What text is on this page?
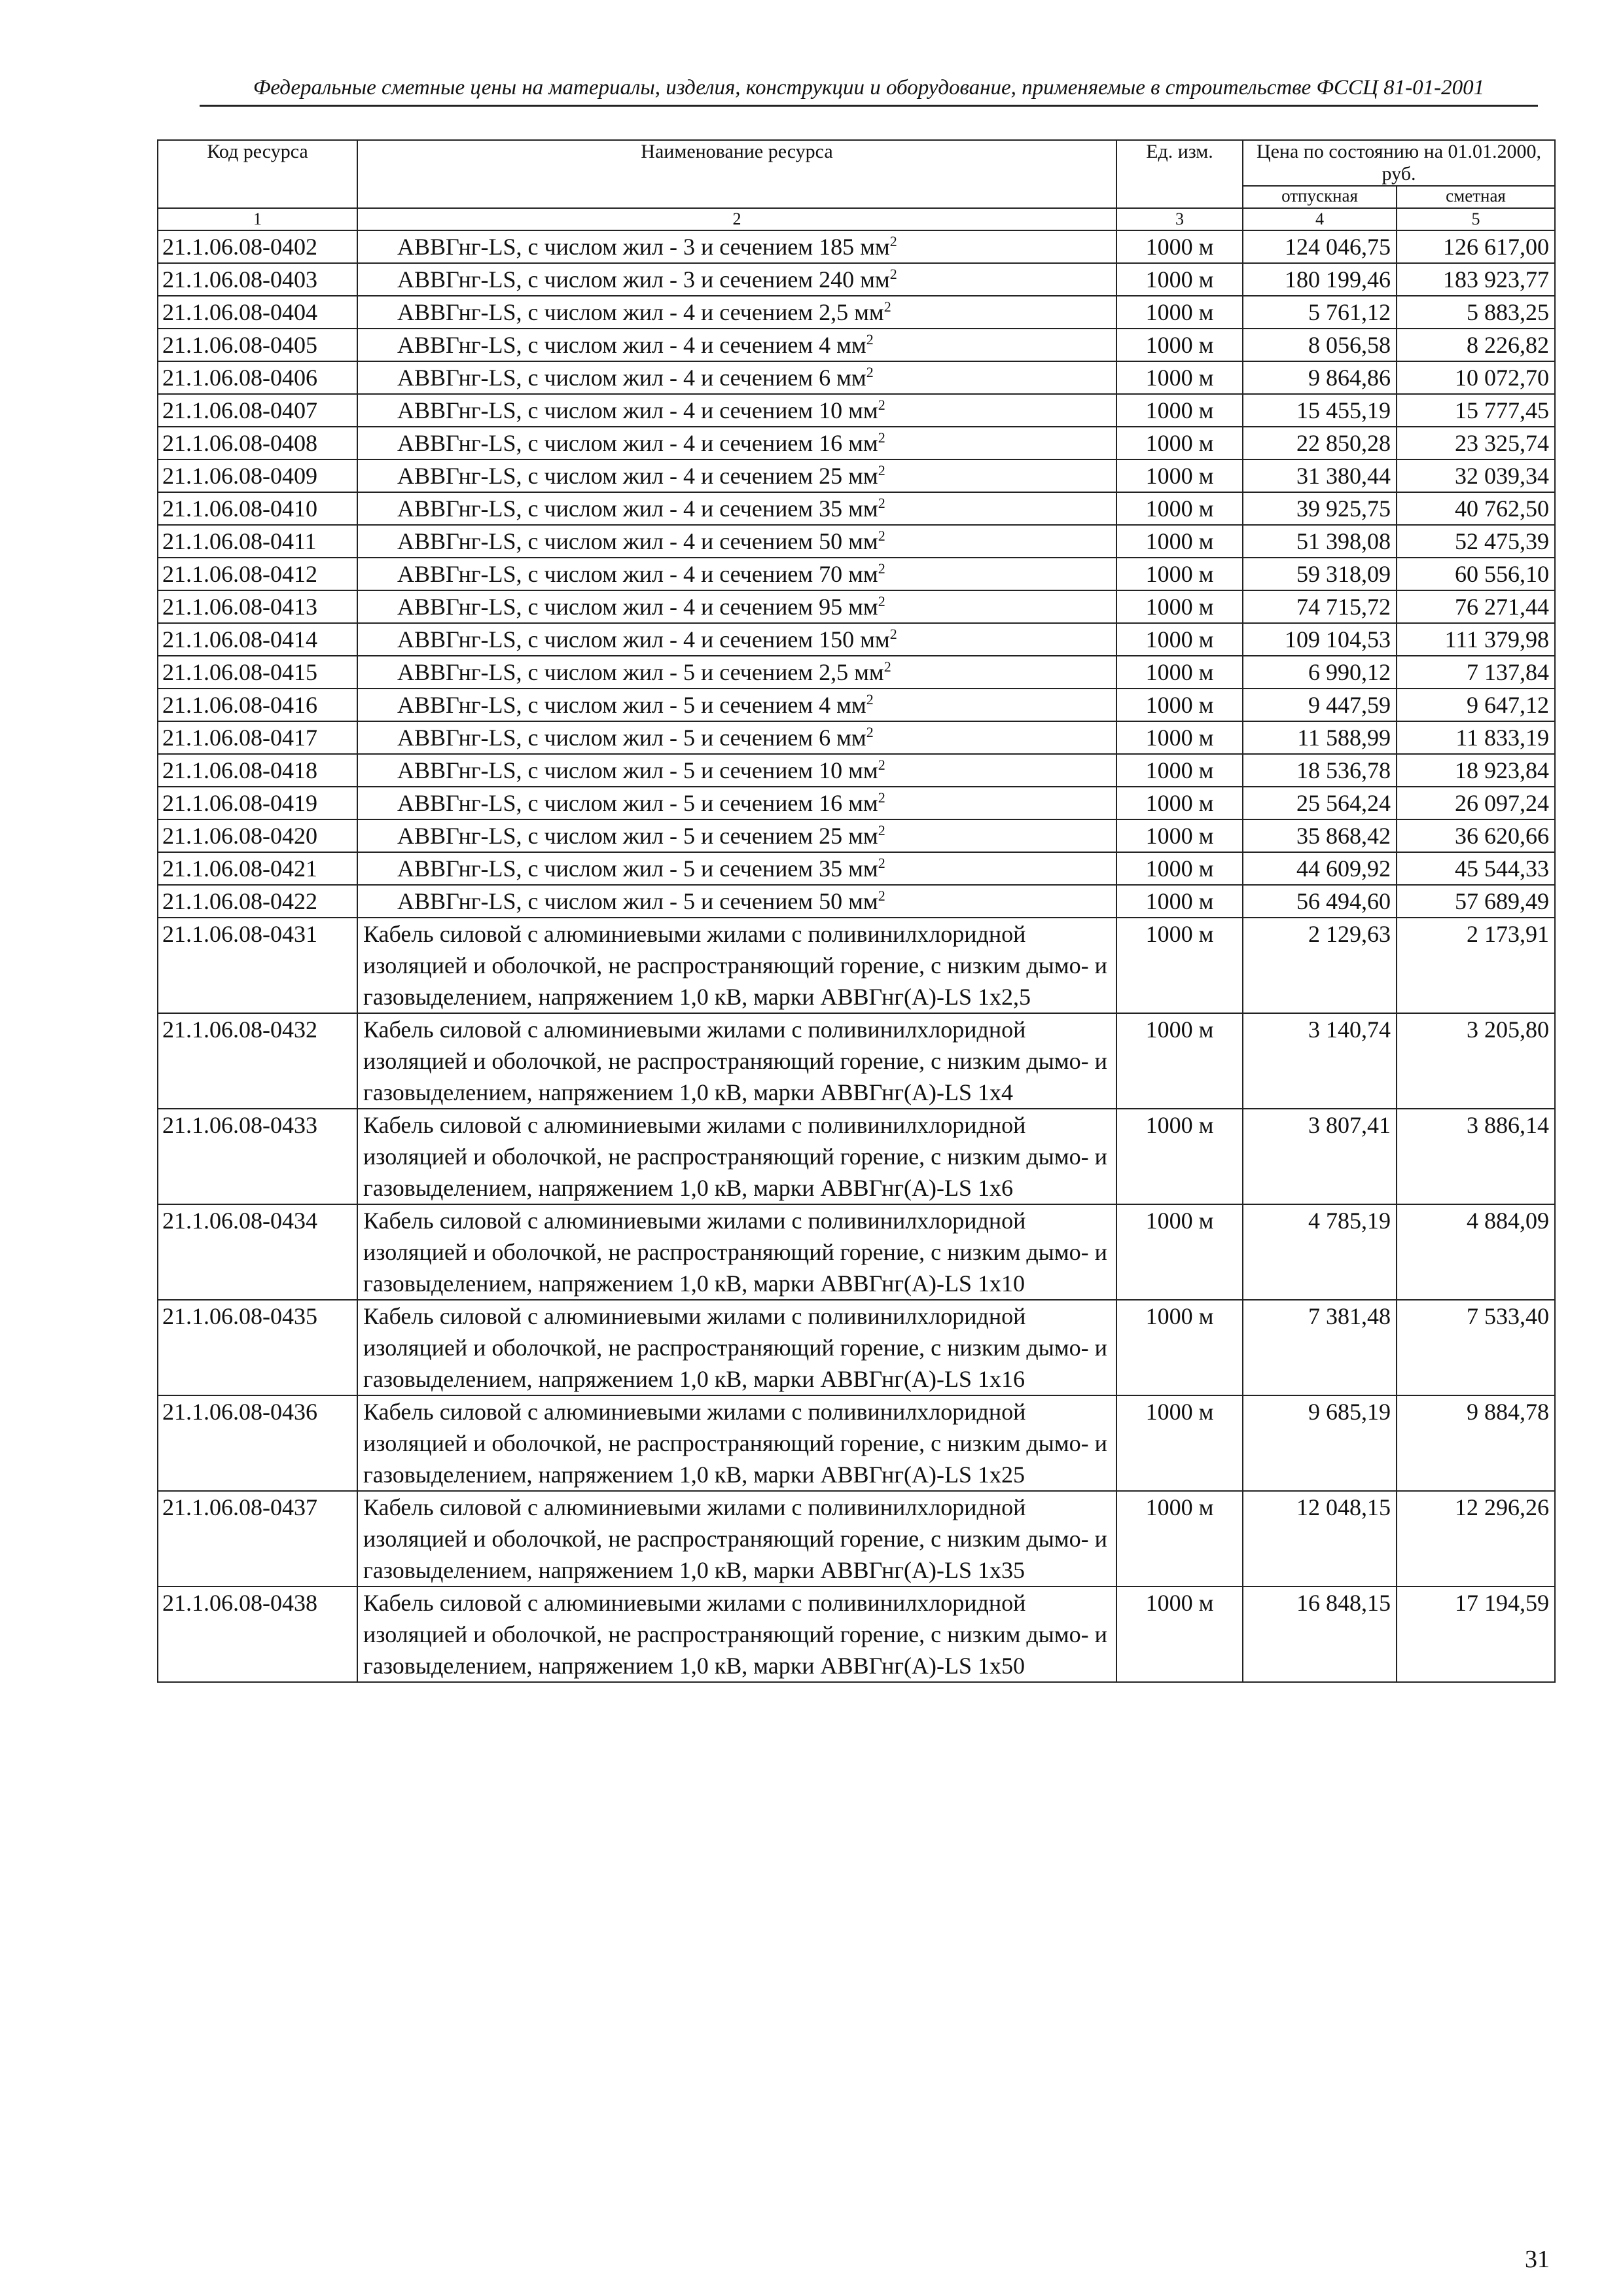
Федеральные сметные цены на материалы, изделия, конструкции и оборудование, применяемые в строительстве ФССЦ 81-01-2001
Код ресурса	Наименование ресурса	Ед. изм.	Цена по состоянию на 01.01.2000, руб.	
			отпускная	сметная
1	2	3	4	5
21.1.06.08-0402	АВВГнг-LS, с числом жил - 3 и сечением 185 $мм^2$	1000 м	124 046,75	126 617,00
21.1.06.08-0403	АВВГнг-LS, с числом жил - 3 и сечением 240 $мм^2$	1000 м	180 199,46	183 923,77
21.1.06.08-0404	АВВГнг-LS, с числом жил - 4 и сечением 2,5 $мм^2$	1000 м	5 761,12	5 883,25
21.1.06.08-0405	АВВГнг-LS, с числом жил - 4 и сечением 4 $мм^2$	1000 м	8 056,58	8 226,82
21.1.06.08-0406	АВВГнг-LS, с числом жил - 4 и сечением 6 $мм^2$	1000 м	9 864,86	10 072,70
21.1.06.08-0407	АВВГнг-LS, с числом жил - 4 и сечением 10 $мм^2$	1000 м	15 455,19	15 777,45
21.1.06.08-0408	АВВГнг-LS, с числом жил - 4 и сечением 16 $мм^2$	1000 м	22 850,28	23 325,74
21.1.06.08-0409	АВВГнг-LS, с числом жил - 4 и сечением 25 $мм^2$	1000 м	31 380,44	32 039,34
21.1.06.08-0410	АВВГнг-LS, с числом жил - 4 и сечением 35 $мм^2$	1000 м	39 925,75	40 762,50
21.1.06.08-0411	АВВГнг-LS, с числом жил - 4 и сечением 50 $мм^2$	1000 м	51 398,08	52 475,39
21.1.06.08-0412	АВВГнг-LS, с числом жил - 4 и сечением 70 $мм^2$	1000 м	59 318,09	60 556,10
21.1.06.08-0413	АВВГнг-LS, с числом жил - 4 и сечением 95 $мм^2$	1000 м	74 715,72	76 271,44
21.1.06.08-0414	АВВГнг-LS, с числом жил - 4 и сечением 150 $мм^2$	1000 м	109 104,53	111 379,98
21.1.06.08-0415	АВВГнг-LS, с числом жил - 5 и сечением 2,5 $мм^2$	1000 м	6 990,12	7 137,84
21.1.06.08-0416	АВВГнг-LS, с числом жил - 5 и сечением 4 $мм^2$	1000 м	9 447,59	9 647,12
21.1.06.08-0417	АВВГнг-LS, с числом жил - 5 и сечением 6 $мм^2$	1000 м	11 588,99	11 833,19
21.1.06.08-0418	АВВГнг-LS, с числом жил - 5 и сечением 10 $мм^2$	1000 м	18 536,78	18 923,84
21.1.06.08-0419	АВВГнг-LS, с числом жил - 5 и сечением 16 $мм^2$	1000 м	25 564,24	26 097,24
21.1.06.08-0420	АВВГнг-LS, с числом жил - 5 и сечением 25 $мм^2$	1000 м	35 868,42	36 620,66
21.1.06.08-0421	АВВГнг-LS, с числом жил - 5 и сечением 35 $мм^2$	1000 м	44 609,92	45 544,33
21.1.06.08-0422	АВВГнг-LS, с числом жил - 5 и сечением 50 $мм^2$	1000 м	56 494,60	57 689,49
21.1.06.08-0431	Кабель силовой с алюминиевыми жилами с поливинилхлоридной изоляцией и оболочкой, не распространяющий горение, с низким дымо- и газовыделением, напряжением 1,0 кВ, марки АВВГнг(А)-LS 1x2,5	1000 м	2 129,63	2 173,91
21.1.06.08-0432	Кабель силовой с алюминиевыми жилами с поливинилхлоридной изоляцией и оболочкой, не распространяющий горение, с низким дымо- и газовыделением, напряжением 1,0 кВ, марки АВВГнг(А)-LS 1x4	1000 м	3 140,74	3 205,80
21.1.06.08-0433	Кабель силовой с алюминиевыми жилами с поливинилхлоридной изоляцией и оболочкой, не распространяющий горение, с низким дымо- и газовыделением, напряжением 1,0 кВ, марки АВВГнг(А)-LS 1x6	1000 м	3 807,41	3 886,14
21.1.06.08-0434	Кабель силовой с алюминиевыми жилами с поливинилхлоридной изоляцией и оболочкой, не распространяющий горение, с низким дымо- и газовыделением, напряжением 1,0 кВ, марки АВВГнг(А)-LS 1x10	1000 м	4 785,19	4 884,09
21.1.06.08-0435	Кабель силовой с алюминиевыми жилами с поливинилхлоридной изоляцией и оболочкой, не распространяющий горение, с низким дымо- и газовыделением, напряжением 1,0 кВ, марки АВВГнг(А)-LS 1x16	1000 м	7 381,48	7 533,40
21.1.06.08-0436	Кабель силовой с алюминиевыми жилами с поливинилхлоридной изоляцией и оболочкой, не распространяющий горение, с низким дымо- и газовыделением, напряжением 1,0 кВ, марки АВВГнг(А)-LS 1x25	1000 м	9 685,19	9 884,78
21.1.06.08-0437	Кабель силовой с алюминиевыми жилами с поливинилхлоридной изоляцией и оболочкой, не распространяющий горение, с низким дымо- и газовыделением, напряжением 1,0 кВ, марки АВВГнг(А)-LS 1x35	1000 м	12 048,15	12 296,26
21.1.06.08-0438	Кабель силовой с алюминиевыми жилами с поливинилхлоридной изоляцией и оболочкой, не распространяющий горение, с низким дымо- и газовыделением, напряжением 1,0 кВ, марки АВВГнг(А)-LS 1x50	1000 м	16 848,15	17 194,59
31
